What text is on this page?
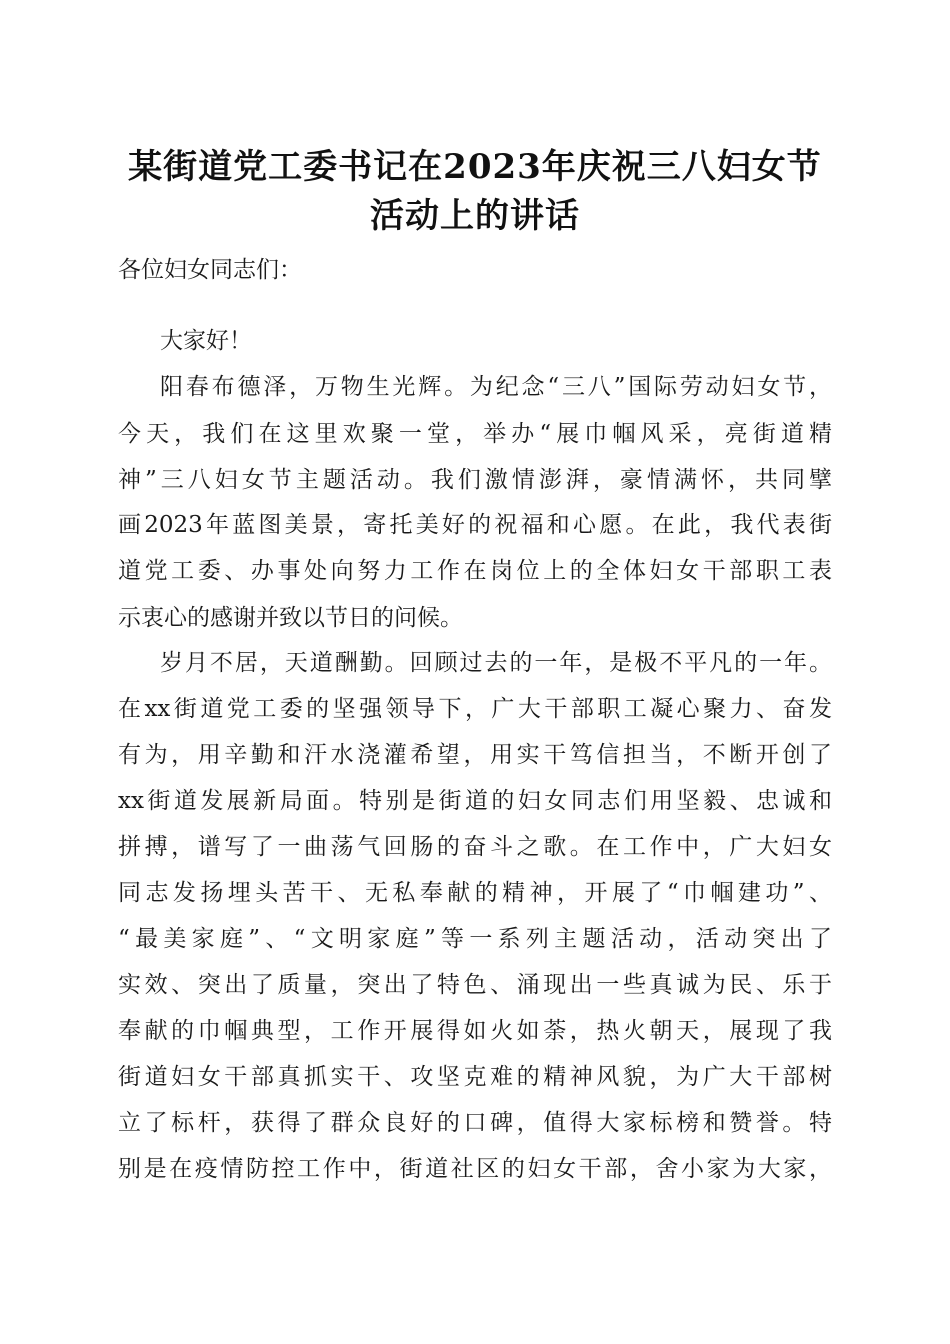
某街道党工委书记在2023年庆祝三八妇女节
活动上的讲话
各位妇女同志们：
大家好！
阳春布德泽，万物生光辉。为纪念“三八”国际劳动妇女节，
今天，我们在这里欢聚一堂，举办“展巾帼风采，亮街道精
神”三八妇女节主题活动。我们激情澎湃，豪情满怀，共同擘
画2023年蓝图美景，寄托美好的祝福和心愿。在此，我代表街
道党工委、办事处向努力工作在岗位上的全体妇女干部职工表
示衷心的感谢并致以节日的问候。
岁月不居，天道酬勤。回顾过去的一年，是极不平凡的一年。
在xx街道党工委的坚强领导下，广大干部职工凝心聚力、奋发
有为，用辛勤和汗水浇灌希望，用实干笃信担当，不断开创了
xx街道发展新局面。特别是街道的妇女同志们用坚毅、忠诚和
拼搏，谱写了一曲荡气回肠的奋斗之歌。在工作中，广大妇女
同志发扬埋头苦干、无私奉献的精神，开展了“巾帼建功”、
“最美家庭”、“文明家庭”等一系列主题活动，活动突出了
实效、突出了质量，突出了特色、涌现出一些真诚为民、乐于
奉献的巾帼典型，工作开展得如火如荼，热火朝天，展现了我
街道妇女干部真抓实干、攻坚克难的精神风貌，为广大干部树
立了标杆，获得了群众良好的口碑，值得大家标榜和赞誉。特
别是在疫情防控工作中，街道社区的妇女干部，舍小家为大家，
